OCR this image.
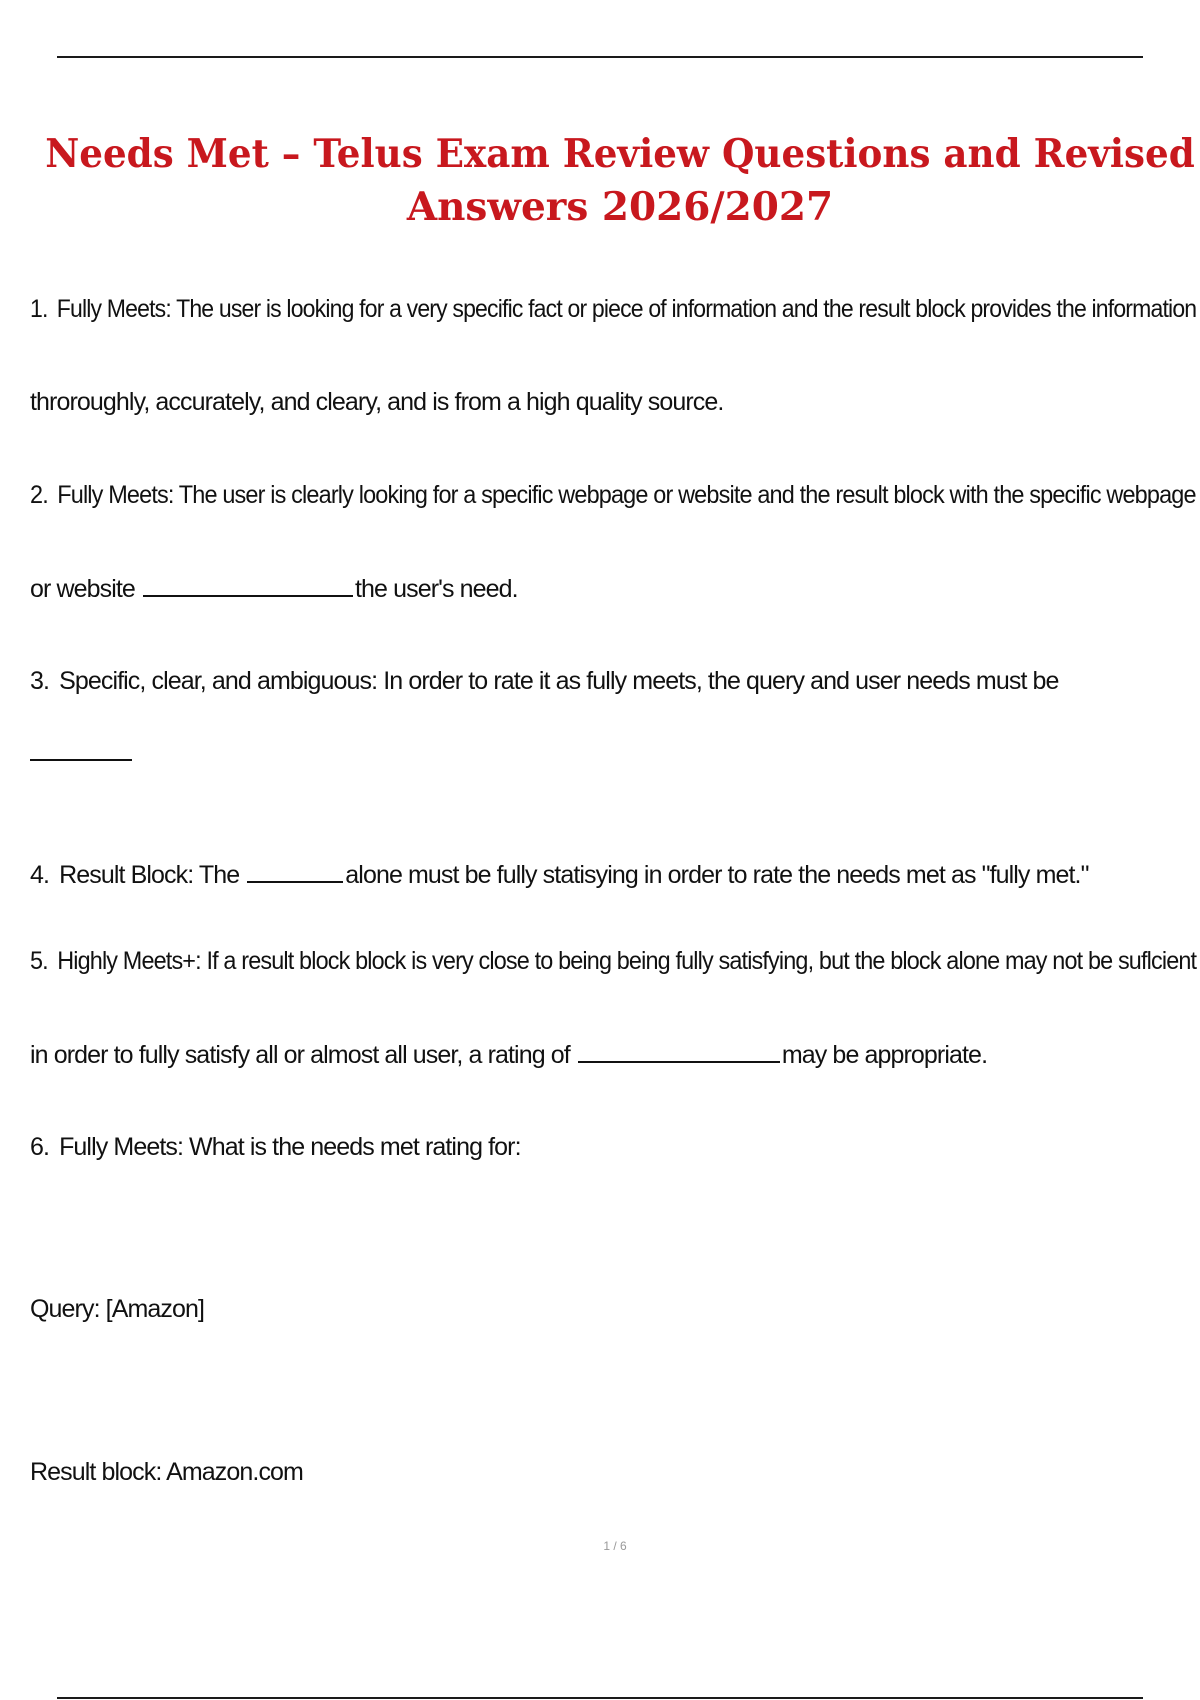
Needs Met – Telus Exam Review Questions and Revised
Answers 2026/2027
1. Fully Meets: The user is looking for a very specific fact or piece of information and the result block provides the information
throroughly, accurately, and cleary, and is from a high quality source.
2. Fully Meets: The user is clearly looking for a specific webpage or website and the result block with the specific webpage
or website	the user's need.
3. Specific, clear, and ambiguous: In order to rate it as fully meets, the query and user needs must be
4. Result Block: The	alone must be fully statisying in order to rate the needs met as "fully met."
5. Highly Meets+: If a result block block is very close to being being fully satisfying, but the block alone may not be suflcient
in order to fully satisfy all or almost all user, a rating of	may be appropriate.
6. Fully Meets: What is the needs met rating for:
Query: [Amazon]
Result block: Amazon.com
1 / 6
